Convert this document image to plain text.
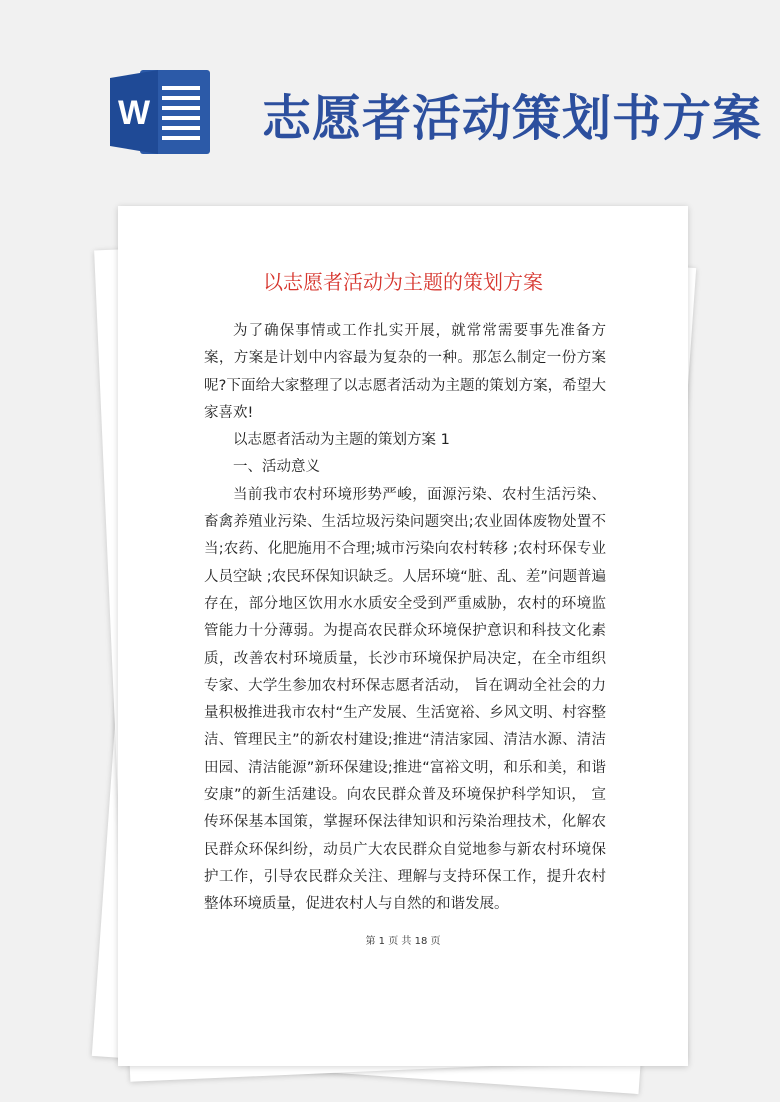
W 志愿者活动策划书方案
以志愿者活动为主题的策划方案

为了确保事情或工作扎实开展，就常常需要事先准备方案，方案是计划中内容最为复杂的一种。那怎么制定一份方案呢?下面给大家整理了以志愿者活动为主题的策划方案，希望大家喜欢!

以志愿者活动为主题的策划方案 1

一、活动意义

当前我市农村环境形势严峻，面源污染、农村生活污染、畜禽养殖业污染、生活垃圾污染问题突出;农业固体废物处置不当;农药、化肥施用不合理;城市污染向农村转移 ;农村环保专业人员空缺 ;农民环保知识缺乏。人居环境“脏、乱、差”问题普遍存在，部分地区饮用水水质安全受到严重威胁，农村的环境监管能力十分薄弱。为提高农民群众环境保护意识和科技文化素质，改善农村环境质量，长沙市环境保护局决定，在全市组织专家、大学生参加农村环保志愿者活动， 旨在调动全社会的力量积极推进我市农村“生产发展、生活宽裕、乡风文明、村容整洁、管理民主”的新农村建设;推进“清洁家园、清洁水源、清洁田园、清洁能源”新环保建设;推进“富裕文明，和乐和美，和谐安康”的新生活建设。向农民群众普及环境保护科学知识， 宣传环保基本国策，掌握环保法律知识和污染治理技术，化解农民群众环保纠纷，动员广大农民群众自觉地参与新农村环境保护工作，引导农民群众关注、理解与支持环保工作，提升农村整体环境质量，促进农村人与自然的和谐发展。

第 1 页 共 18 页
